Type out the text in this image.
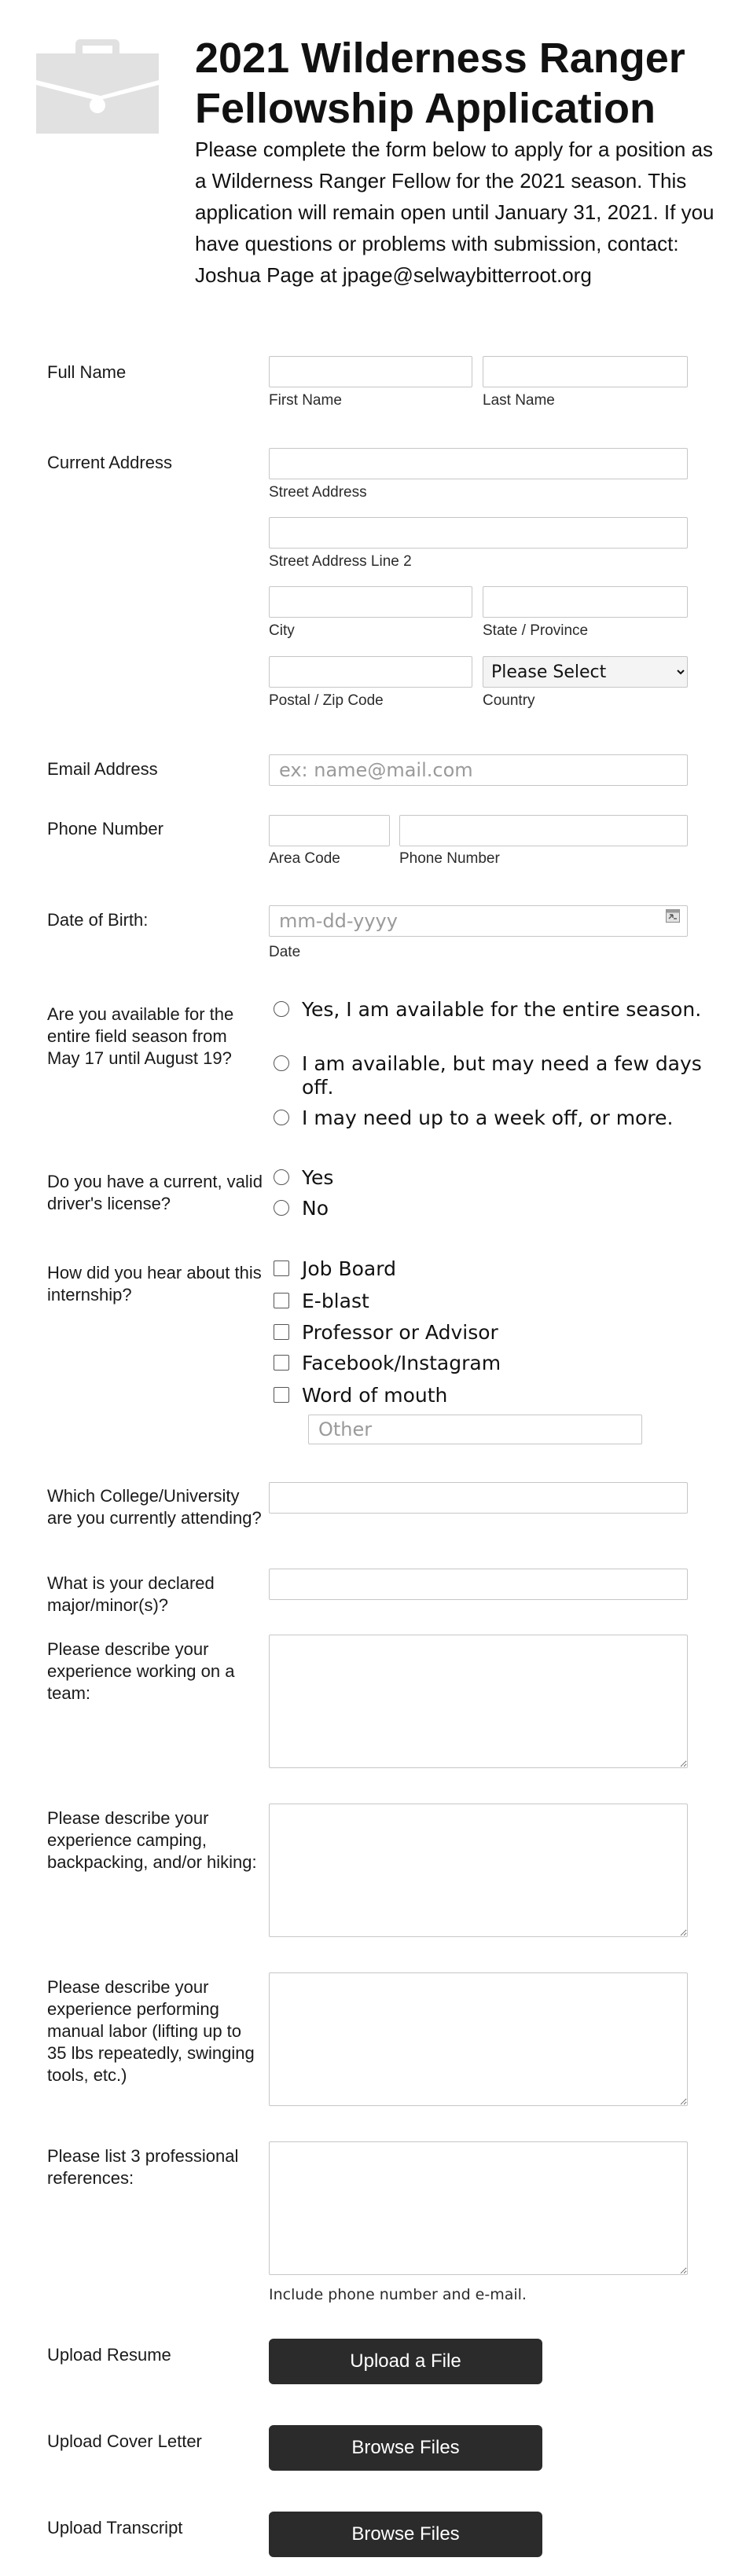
2021 Wilderness Ranger Fellowship Application

Please complete the form below to apply for a position as a Wilderness Ranger Fellow for the 2021 season. This application will remain open until January 31, 2021. If you have questions or problems with submission, contact: Joshua Page at jpage@selwaybitterroot.org

Full Name
First Name	Last Name
Current Address
Street Address
Street Address Line 2
City	State / Province
Please Select
Postal / Zip Code	Country
Email Address
ex: name@mail.com
Phone Number
Area Code	Phone Number
Date of Birth:
mm-dd-yyyy
Date
Are you available for the entire field season from May 17 until August 19?
Yes, I am available for the entire season.
I am available, but may need a few days off.
I may need up to a week off, or more.
Do you have a current, valid driver's license?
Yes
No
How did you hear about this internship?
Job Board
E-blast
Professor or Advisor
Facebook/Instagram
Word of mouth
Other
Which College/University are you currently attending?
What is your declared major/minor(s)?
Please describe your experience working on a team:
Please describe your experience camping, backpacking, and/or hiking:
Please describe your experience performing manual labor (lifting up to 35 lbs repeatedly, swinging tools, etc.)
Please list 3 professional references:
Include phone number and e-mail.
Upload Resume	Upload a File
Upload Cover Letter	Browse Files
Upload Transcript	Browse Files
